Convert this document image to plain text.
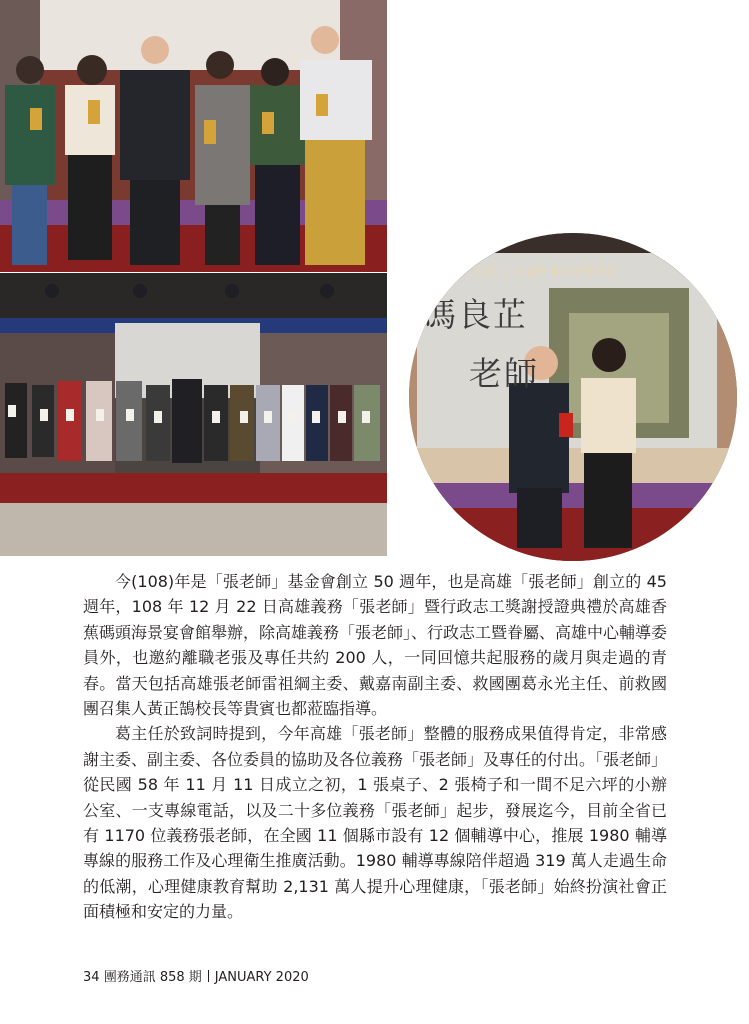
「張老師」基金會 研究所優學金
馮良芷
老師

今(108)年是「張老師」基金會創立 50 週年，也是高雄「張老師」創立的 45 週年，108 年 12 月 22 日高雄義務「張老師」暨行政志工獎謝授證典禮於高雄香蕉碼頭海景宴會館舉辦，除高雄義務「張老師」、行政志工暨眷屬、高雄中心輔導委員外，也邀約離職老張及專任共約 200 人，一同回憶共起服務的歲月與走過的青春。當天包括高雄張老師雷祖綱主委、戴嘉南副主委、救國團葛永光主任、前救國團召集人黃正鵠校長等貴賓也都蒞臨指導。

葛主任於致詞時提到，今年高雄「張老師」整體的服務成果值得肯定，非常感謝主委、副主委、各位委員的協助及各位義務「張老師」及專任的付出。「張老師」從民國 58 年 11 月 11 日成立之初，1 張桌子、2 張椅子和一間不足六坪的小辦公室、一支專線電話，以及二十多位義務「張老師」起步，發展迄今，目前全省已有 1170 位義務張老師，在全國 11 個縣市設有 12 個輔導中心，推展 1980 輔導專線的服務工作及心理衛生推廣活動。1980 輔導專線陪伴超過 319 萬人走過生命的低潮，心理健康教育幫助 2,131 萬人提升心理健康，「張老師」始終扮演社會正面積極和安定的力量。

34 團務通訊 858 期 JANUARY 2020
